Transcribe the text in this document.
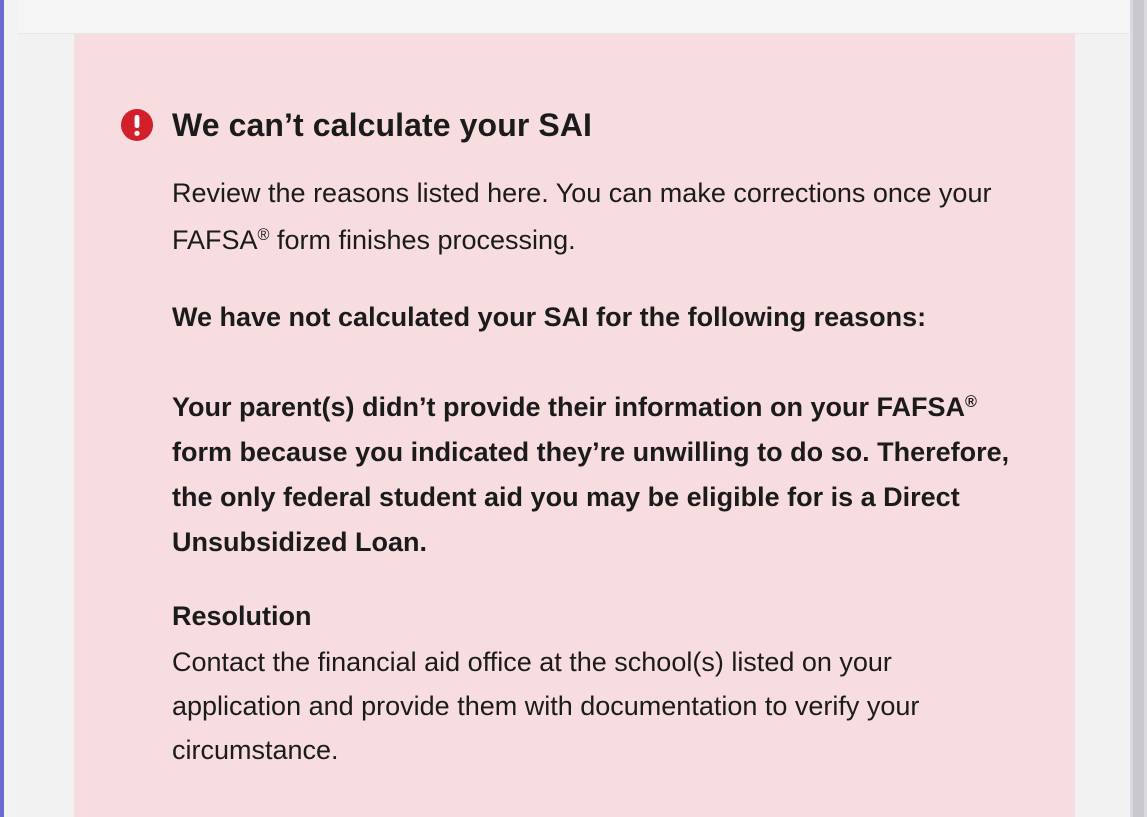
We can’t calculate your SAI

Review the reasons listed here. You can make corrections once your FAFSA® form finishes processing.

We have not calculated your SAI for the following reasons:

Your parent(s) didn’t provide their information on your FAFSA® form because you indicated they’re unwilling to do so. Therefore, the only federal student aid you may be eligible for is a Direct Unsubsidized Loan.

Resolution

Contact the financial aid office at the school(s) listed on your application and provide them with documentation to verify your circumstance.
